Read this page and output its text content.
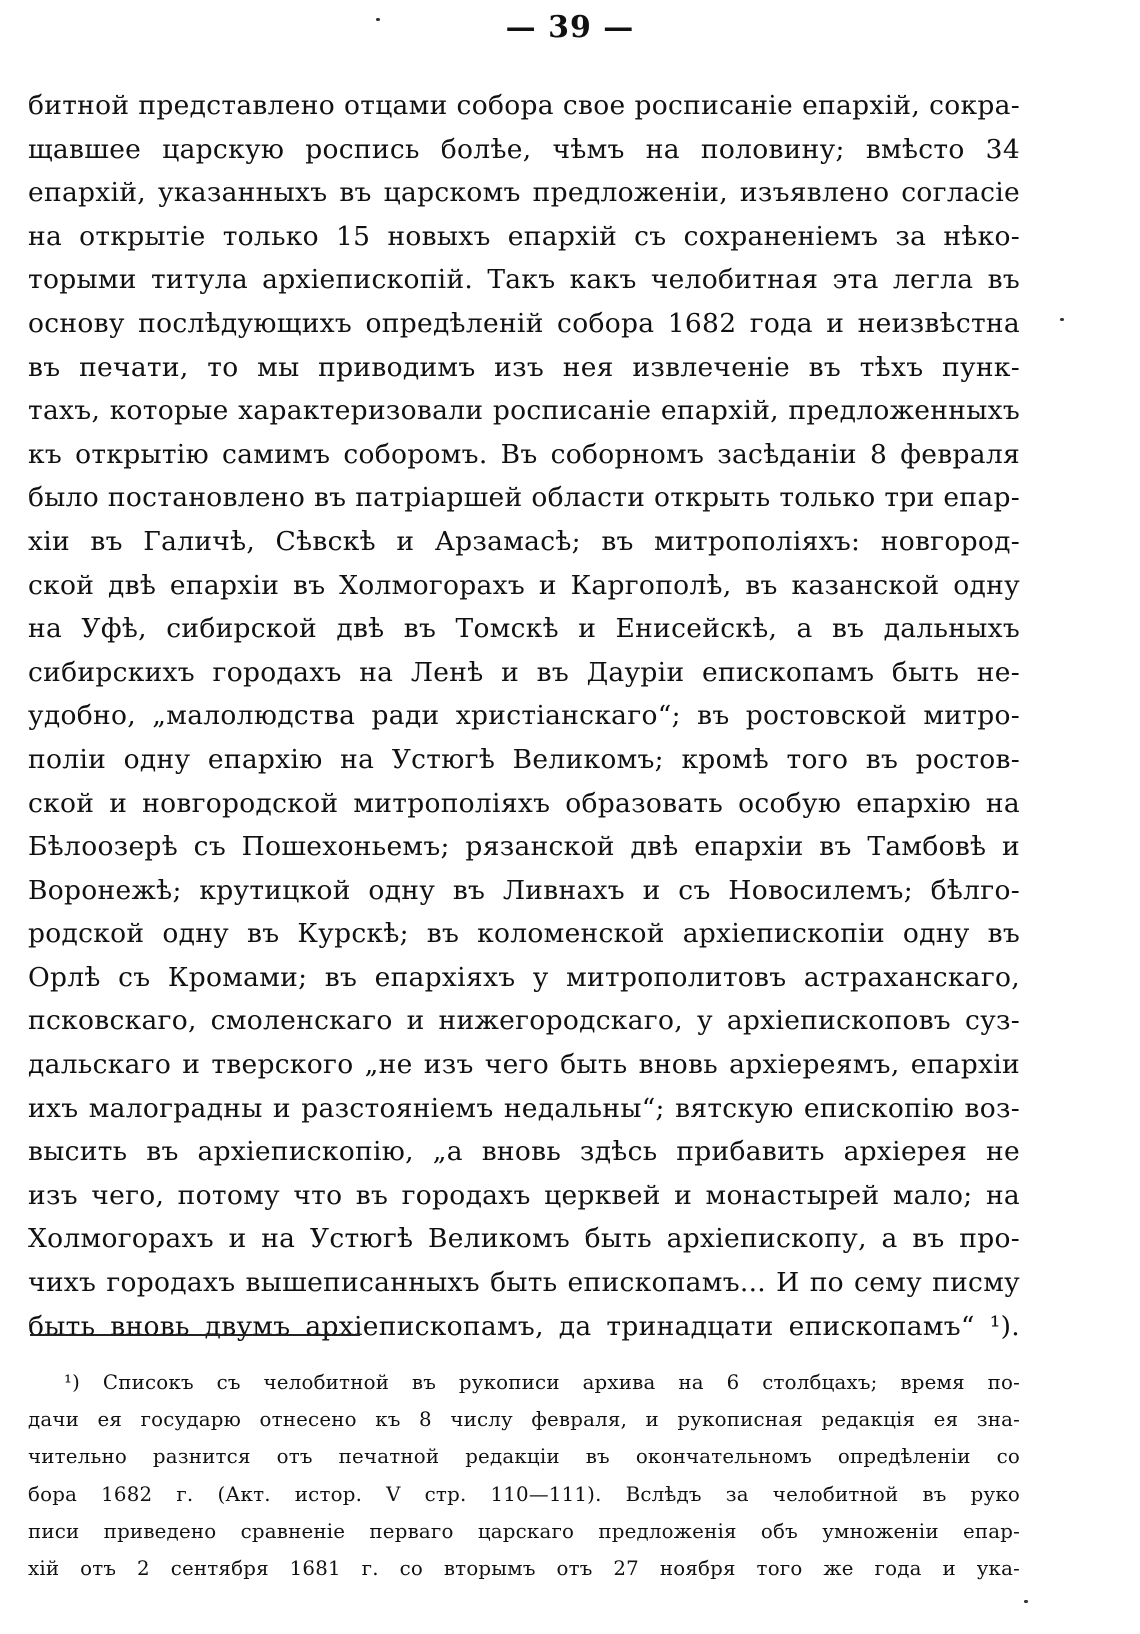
— 39 —
битной представлено отцами собора свое росписаніе епархій, сокра-
щавшее царскую роспись болѣе, чѣмъ на половину; вмѣсто 34
епархій, указанныхъ въ царскомъ предложеніи, изъявлено согласіе
на открытіе только 15 новыхъ епархій съ сохраненіемъ за нѣко-
торыми титула архіепископій. Такъ какъ челобитная эта легла въ
основу послѣдующихъ опредѣленій собора 1682 года и неизвѣстна
въ печати, то мы приводимъ изъ нея извлеченіе въ тѣхъ пунк-
тахъ, которые характеризовали росписаніе епархій, предложенныхъ
къ открытію самимъ соборомъ. Въ соборномъ засѣданіи 8 февраля
было постановлено въ патріаршей области открыть только три епар-
хіи въ Галичѣ, Сѣвскѣ и Арзамасѣ; въ митрополіяхъ: новгород-
ской двѣ епархіи въ Холмогорахъ и Каргополѣ, въ казанской одну
на Уфѣ, сибирской двѣ въ Томскѣ и Енисейскѣ, а въ дальныхъ
сибирскихъ городахъ на Ленѣ и въ Дауріи епископамъ быть не-
удобно, „малолюдства ради христіанскаго“; въ ростовской митро-
поліи одну епархію на Устюгѣ Великомъ; кромѣ того въ ростов-
ской и новгородской митрополіяхъ образовать особую епархію на
Бѣлоозерѣ съ Пошехоньемъ; рязанской двѣ епархіи въ Тамбовѣ и
Воронежѣ; крутицкой одну въ Ливнахъ и съ Новосилемъ; бѣлго-
родской одну въ Курскѣ; въ коломенской архіепископіи одну въ
Орлѣ съ Кромами; въ епархіяхъ у митрополитовъ астраханскаго,
псковскаго, смоленскаго и нижегородскаго, у архіепископовъ суз-
дальскаго и тверского „не изъ чего быть вновь архіереямъ, епархіи
ихъ малоградны и разстояніемъ недальны“; вятскую епископію воз-
высить въ архіепископію, „а вновь здѣсь прибавить архіерея не
изъ чего, потому что въ городахъ церквей и монастырей мало; на
Холмогорахъ и на Устюгѣ Великомъ быть архіепископу, а въ про-
чихъ городахъ вышеписанныхъ быть епископамъ... И по сему писму
быть вновь двумъ архіепископамъ, да тринадцати епископамъ“ ¹).
¹) Списокъ съ челобитной въ рукописи архива на 6 столбцахъ; время по-
дачи ея государю отнесено къ 8 числу февраля, и рукописная редакція ея зна-
чительно разнится отъ печатной редакціи въ окончательномъ опредѣленіи со
бора 1682 г. (Акт. истор. V стр. 110—111). Вслѣдъ за челобитной въ руко
писи приведено сравненіе перваго царскаго предложенія объ умноженіи епар-
хій отъ 2 сентября 1681 г. со вторымъ отъ 27 ноября того же года и ука-
